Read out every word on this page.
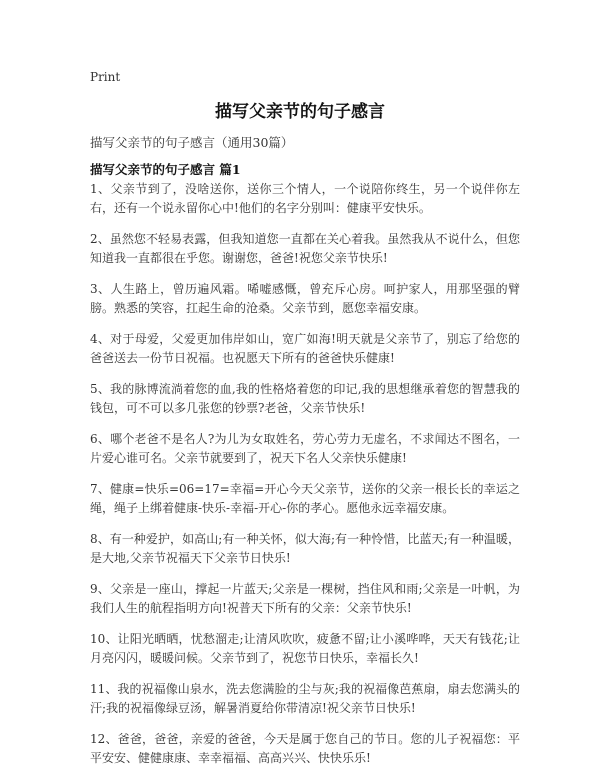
Print
描写父亲节的句子感言
描写父亲节的句子感言（通用30篇）
描写父亲节的句子感言 篇1

1、父亲节到了，没啥送你，送你三个情人，一个说陪你终生，另一个说伴你左右，还有一个说永留你心中!他们的名字分别叫：健康平安快乐。

2、虽然您不轻易表露，但我知道您一直都在关心着我。虽然我从不说什么，但您知道我一直都很在乎您。谢谢您，爸爸!祝您父亲节快乐!

3、人生路上，曾历遍风霜。唏嘘感慨，曾充斥心房。呵护家人，用那坚强的臂膀。熟悉的笑容，扛起生命的沧桑。父亲节到，愿您幸福安康。

4、对于母爱，父爱更加伟岸如山，宽广如海!明天就是父亲节了，别忘了给您的爸爸送去一份节日祝福。也祝愿天下所有的爸爸快乐健康!

5、我的脉博流淌着您的血,我的性格烙着您的印记,我的思想继承着您的智慧我的钱包，可不可以多几张您的钞票?老爸，父亲节快乐!

6、哪个老爸不是名人?为儿为女取姓名，劳心劳力无虚名，不求闻达不图名，一片爱心谁可名。父亲节就要到了，祝天下名人父亲快乐健康!

7、健康=快乐=06=17=幸福=开心今天父亲节，送你的父亲一根长长的幸运之绳，绳子上绑着健康-快乐-幸福-开心-你的孝心。愿他永远幸福安康。

8、有一种爱护，如高山;有一种关怀，似大海;有一种怜惜，比蓝天;有一种温暖，是大地,父亲节祝福天下父亲节日快乐!

9、父亲是一座山，撑起一片蓝天;父亲是一棵树，挡住风和雨;父亲是一叶帆，为我们人生的航程指明方向!祝普天下所有的父亲：父亲节快乐!

10、让阳光晒晒，忧愁溜走;让清风吹吹，疲惫不留;让小溪哗哗，天天有钱花;让月亮闪闪，暖暖问候。父亲节到了，祝您节日快乐，幸福长久!

11、我的祝福像山泉水，洗去您满脸的尘与灰;我的祝福像芭蕉扇，扇去您满头的汗;我的祝福像绿豆汤，解暑消夏给你带清凉!祝父亲节日快乐!

12、爸爸，爸爸，亲爱的爸爸，今天是属于您自己的节日。您的儿子祝福您：平平安安、健健康康、幸幸福福、高高兴兴、快快乐乐!
